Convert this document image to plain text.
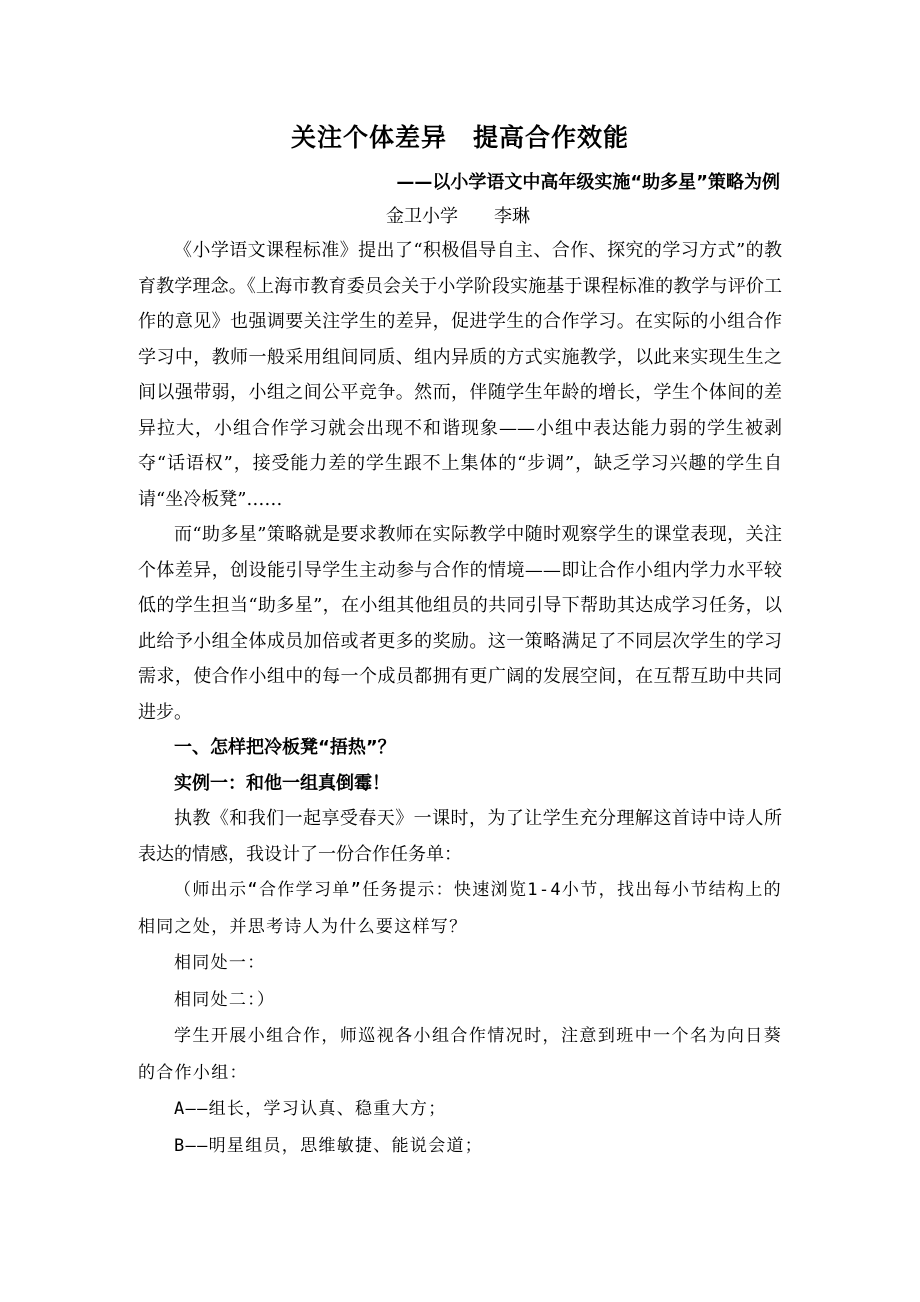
关注个体差异　提高合作效能
——以小学语文中高年级实施“助多星”策略为例
金卫小学 李琳

《小学语文课程标准》提出了“积极倡导自主、合作、探究的学习方式”的教育教学理念。《上海市教育委员会关于小学阶段实施基于课程标准的教学与评价工作的意见》也强调要关注学生的差异，促进学生的合作学习。在实际的小组合作学习中，教师一般采用组间同质、组内异质的方式实施教学，以此来实现生生之间以强带弱，小组之间公平竞争。然而，伴随学生年龄的增长，学生个体间的差异拉大，小组合作学习就会出现不和谐现象——小组中表达能力弱的学生被剥夺“话语权”，接受能力差的学生跟不上集体的“步调”，缺乏学习兴趣的学生自请“坐冷板凳”……

而“助多星”策略就是要求教师在实际教学中随时观察学生的课堂表现，关注个体差异，创设能引导学生主动参与合作的情境——即让合作小组内学力水平较低的学生担当“助多星”，在小组其他组员的共同引导下帮助其达成学习任务，以此给予小组全体成员加倍或者更多的奖励。这一策略满足了不同层次学生的学习需求，使合作小组中的每一个成员都拥有更广阔的发展空间，在互帮互助中共同进步。

一、怎样把冷板凳“捂热”？

实例一：和他一组真倒霉！

执教《和我们一起享受春天》一课时，为了让学生充分理解这首诗中诗人所表达的情感，我设计了一份合作任务单：

（师出示“合作学习单”任务提示：快速浏览1-4小节，找出每小节结构上的相同之处，并思考诗人为什么要这样写？

相同处一：

相同处二：）

学生开展小组合作，师巡视各小组合作情况时，注意到班中一个名为向日葵的合作小组：

A——组长，学习认真、稳重大方；

B——明星组员，思维敏捷、能说会道；
